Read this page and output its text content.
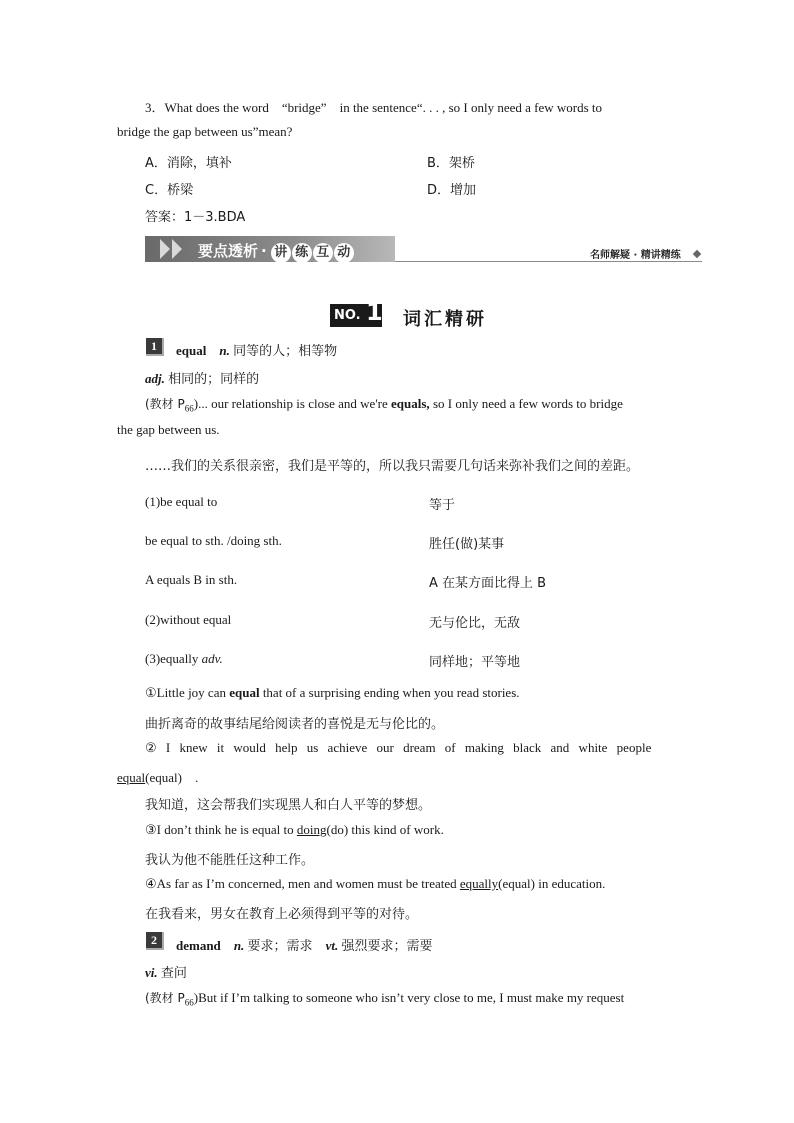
3．What does the word　“bridge”　in the sentence“. . . , so I only need a few words to
bridge the gap between us”mean?
A．消除，填补	B．架桥
C．桥梁	D．增加
答案：1－3.BDA
要点透析 · 讲 练 互 动	名师解疑 · 精讲精练
NO. 1 词汇精研
1	equal　 n. 同等的人；相等物
adj. 相同的；同样的
(教材 $P_{66}$)... our relationship is close and we're equals, so I only need a few words to bridge
the gap between us.
……我们的关系很亲密，我们是平等的，所以我只需要几句话来弥补我们之间的差距。
(1)be equal to	等于
be equal to sth. /doing sth.	胜任(做)某事
A equals B in sth.	A 在某方面比得上 B
(2)without equal	无与伦比，无敌
(3)equally adv.	同样地；平等地
①Little joy can equal that of a surprising ending when you read stories.
曲折离奇的故事结尾给阅读者的喜悦是无与伦比的。
② I knew it would help us achieve our dream of making black and white people
equal(equal)　.
我知道，这会帮我们实现黑人和白人平等的梦想。
③I don’t think he is equal to doing(do) this kind of work.
我认为他不能胜任这种工作。
④As far as I’m concerned, men and women must be treated equally(equal) in education.
在我看来，男女在教育上必须得到平等的对待。
2	demand　 n. 要求；需求　 vt. 强烈要求；需要
vi. 查问
(教材 $P_{66})But$ if I’m talking to someone who isn’t very close to me, I must make my request
